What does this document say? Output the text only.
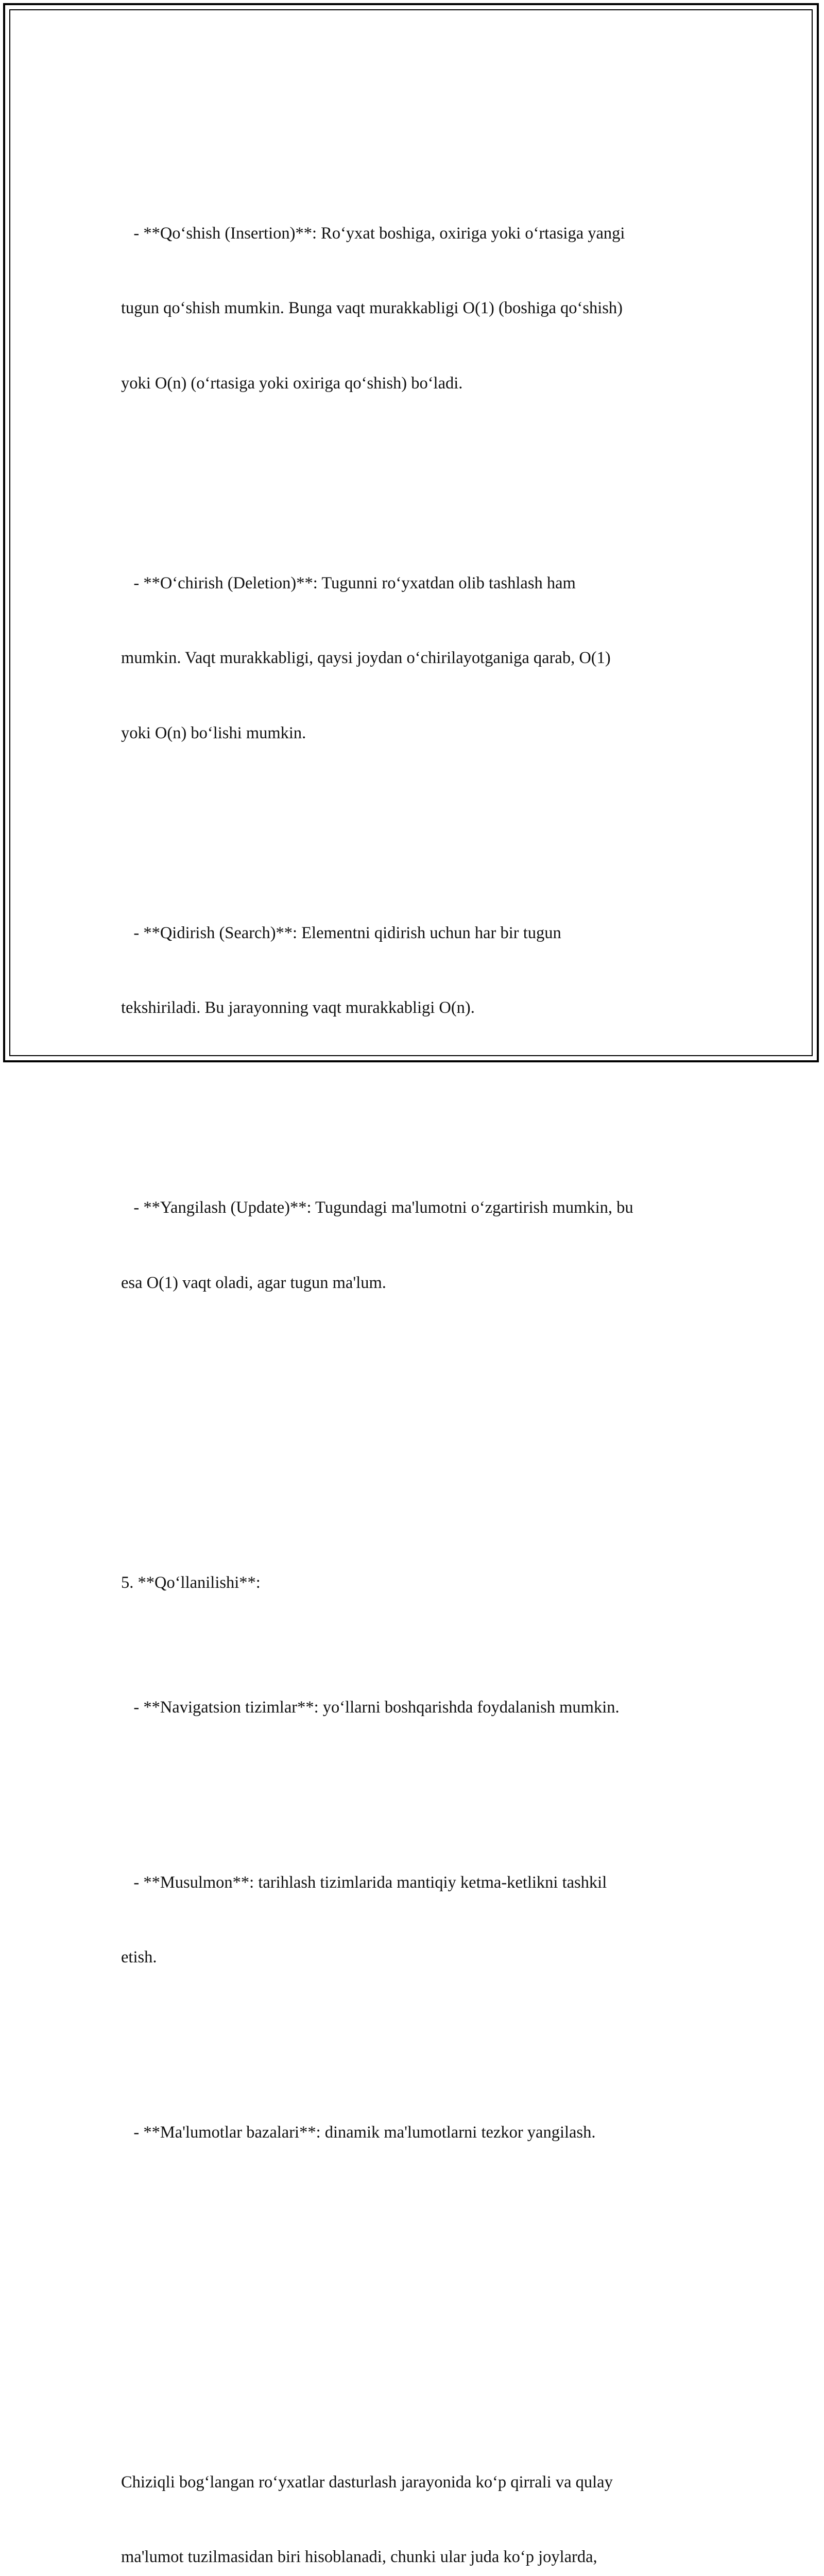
- **Qo‘shish (Insertion)**: Ro‘yxat boshiga, oxiriga yoki o‘rtasiga yangi

tugun qo‘shish mumkin. Bunga vaqt murakkabligi O(1) (boshiga qo‘shish)

yoki O(n) (o‘rtasiga yoki oxiriga qo‘shish) bo‘ladi.

- **O‘chirish (Deletion)**: Tugunni ro‘yxatdan olib tashlash ham

mumkin. Vaqt murakkabligi, qaysi joydan o‘chirilayotganiga qarab, O(1)

yoki O(n) bo‘lishi mumkin.

- **Qidirish (Search)**: Elementni qidirish uchun har bir tugun

tekshiriladi. Bu jarayonning vaqt murakkabligi O(n).

- **Yangilash (Update)**: Tugundagi ma'lumotni o‘zgartirish mumkin, bu

esa O(1) vaqt oladi, agar tugun ma'lum.

5. **Qo‘llanilishi**:

- **Navigatsion tizimlar**: yo‘llarni boshqarishda foydalanish mumkin.

- **Musulmon**: tarihlash tizimlarida mantiqiy ketma-ketlikni tashkil

etish.

- **Ma'lumotlar bazalari**: dinamik ma'lumotlarni tezkor yangilash.

Chiziqli bog‘langan ro‘yxatlar dasturlash jarayonida ko‘p qirrali va qulay

ma'lumot tuzilmasidan biri hisoblanadi, chunki ular juda ko‘p joylarda,
